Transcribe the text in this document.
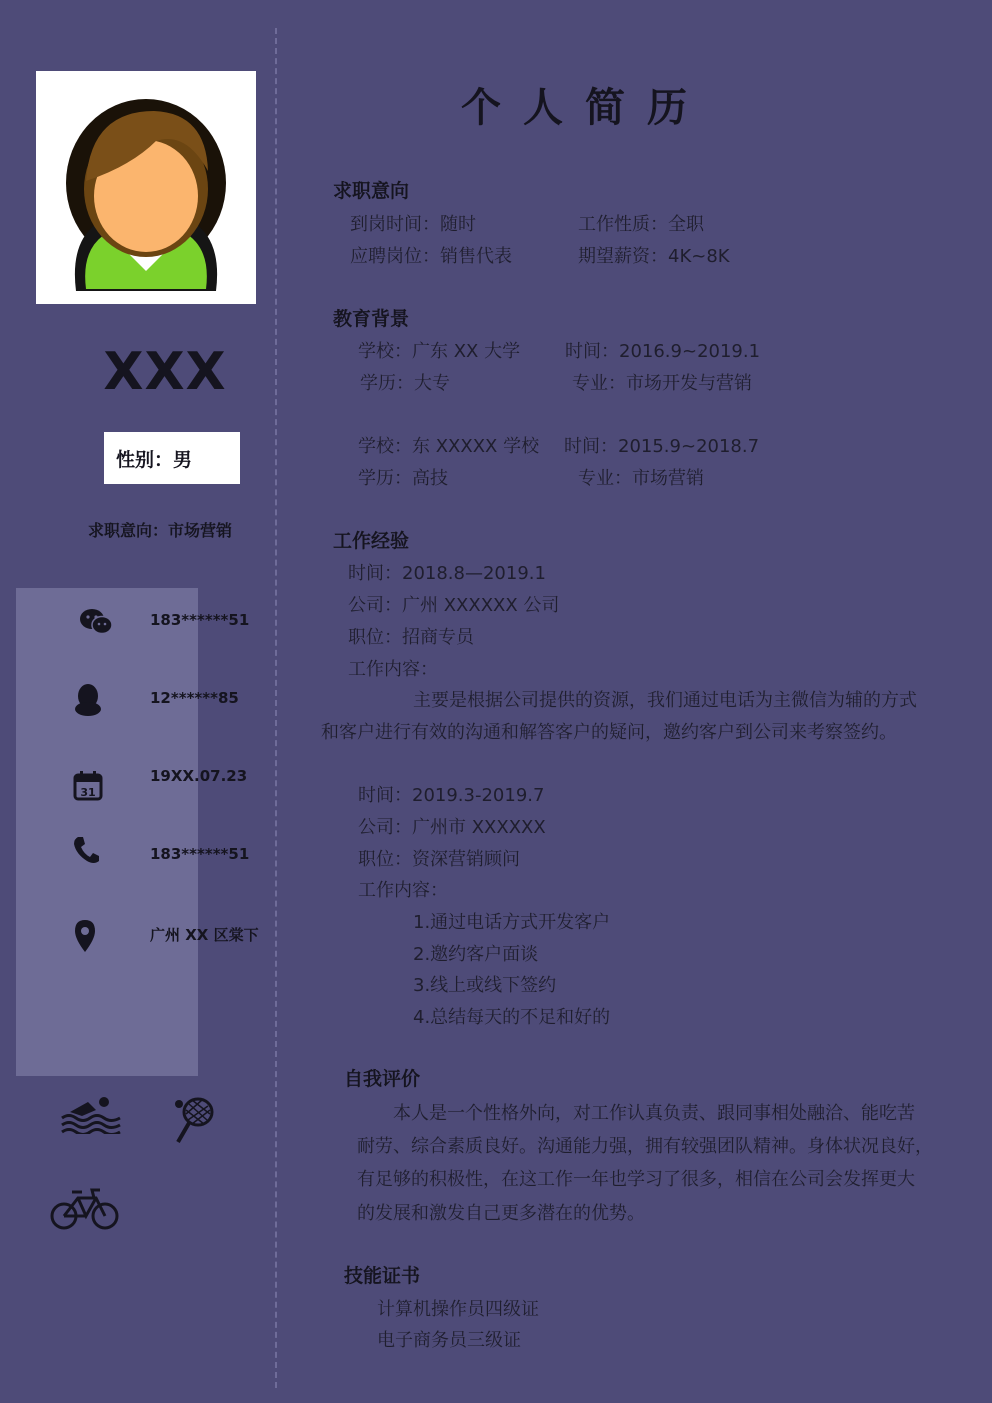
XXX
性别：男
求职意向：市场营销
183******51
12******85
31
19XX.07.23
183******51
广州 XX 区棠下
个人简历
求职意向
到岗时间：随时	工作性质：全职
应聘岗位：销售代表	期望薪资：4K~8K
教育背景
学校：广东 XX 大学 时间：2016.9~2019.1
学历：大专	专业：市场开发与营销
学校：东 XXXXX 学校 时间：2015.9~2018.7
学历：高技	专业：市场营销
工作经验
时间：2018.8—2019.1
公司：广州 XXXXXX 公司
职位：招商专员
工作内容：
主要是根据公司提供的资源，我们通过电话为主微信为辅的方式
和客户进行有效的沟通和解答客户的疑问，邀约客户到公司来考察签约。
时间：2019.3-2019.7
公司：广州市 XXXXXX
职位：资深营销顾问
工作内容：
1.通过电话方式开发客户
2.邀约客户面谈
3.线上或线下签约
4.总结每天的不足和好的
自我评价
本人是一个性格外向，对工作认真负责、跟同事相处融洽、能吃苦
耐劳、综合素质良好。沟通能力强，拥有较强团队精神。身体状况良好，
有足够的积极性，在这工作一年也学习了很多，相信在公司会发挥更大
的发展和激发自己更多潜在的优势。
技能证书
计算机操作员四级证
电子商务员三级证
